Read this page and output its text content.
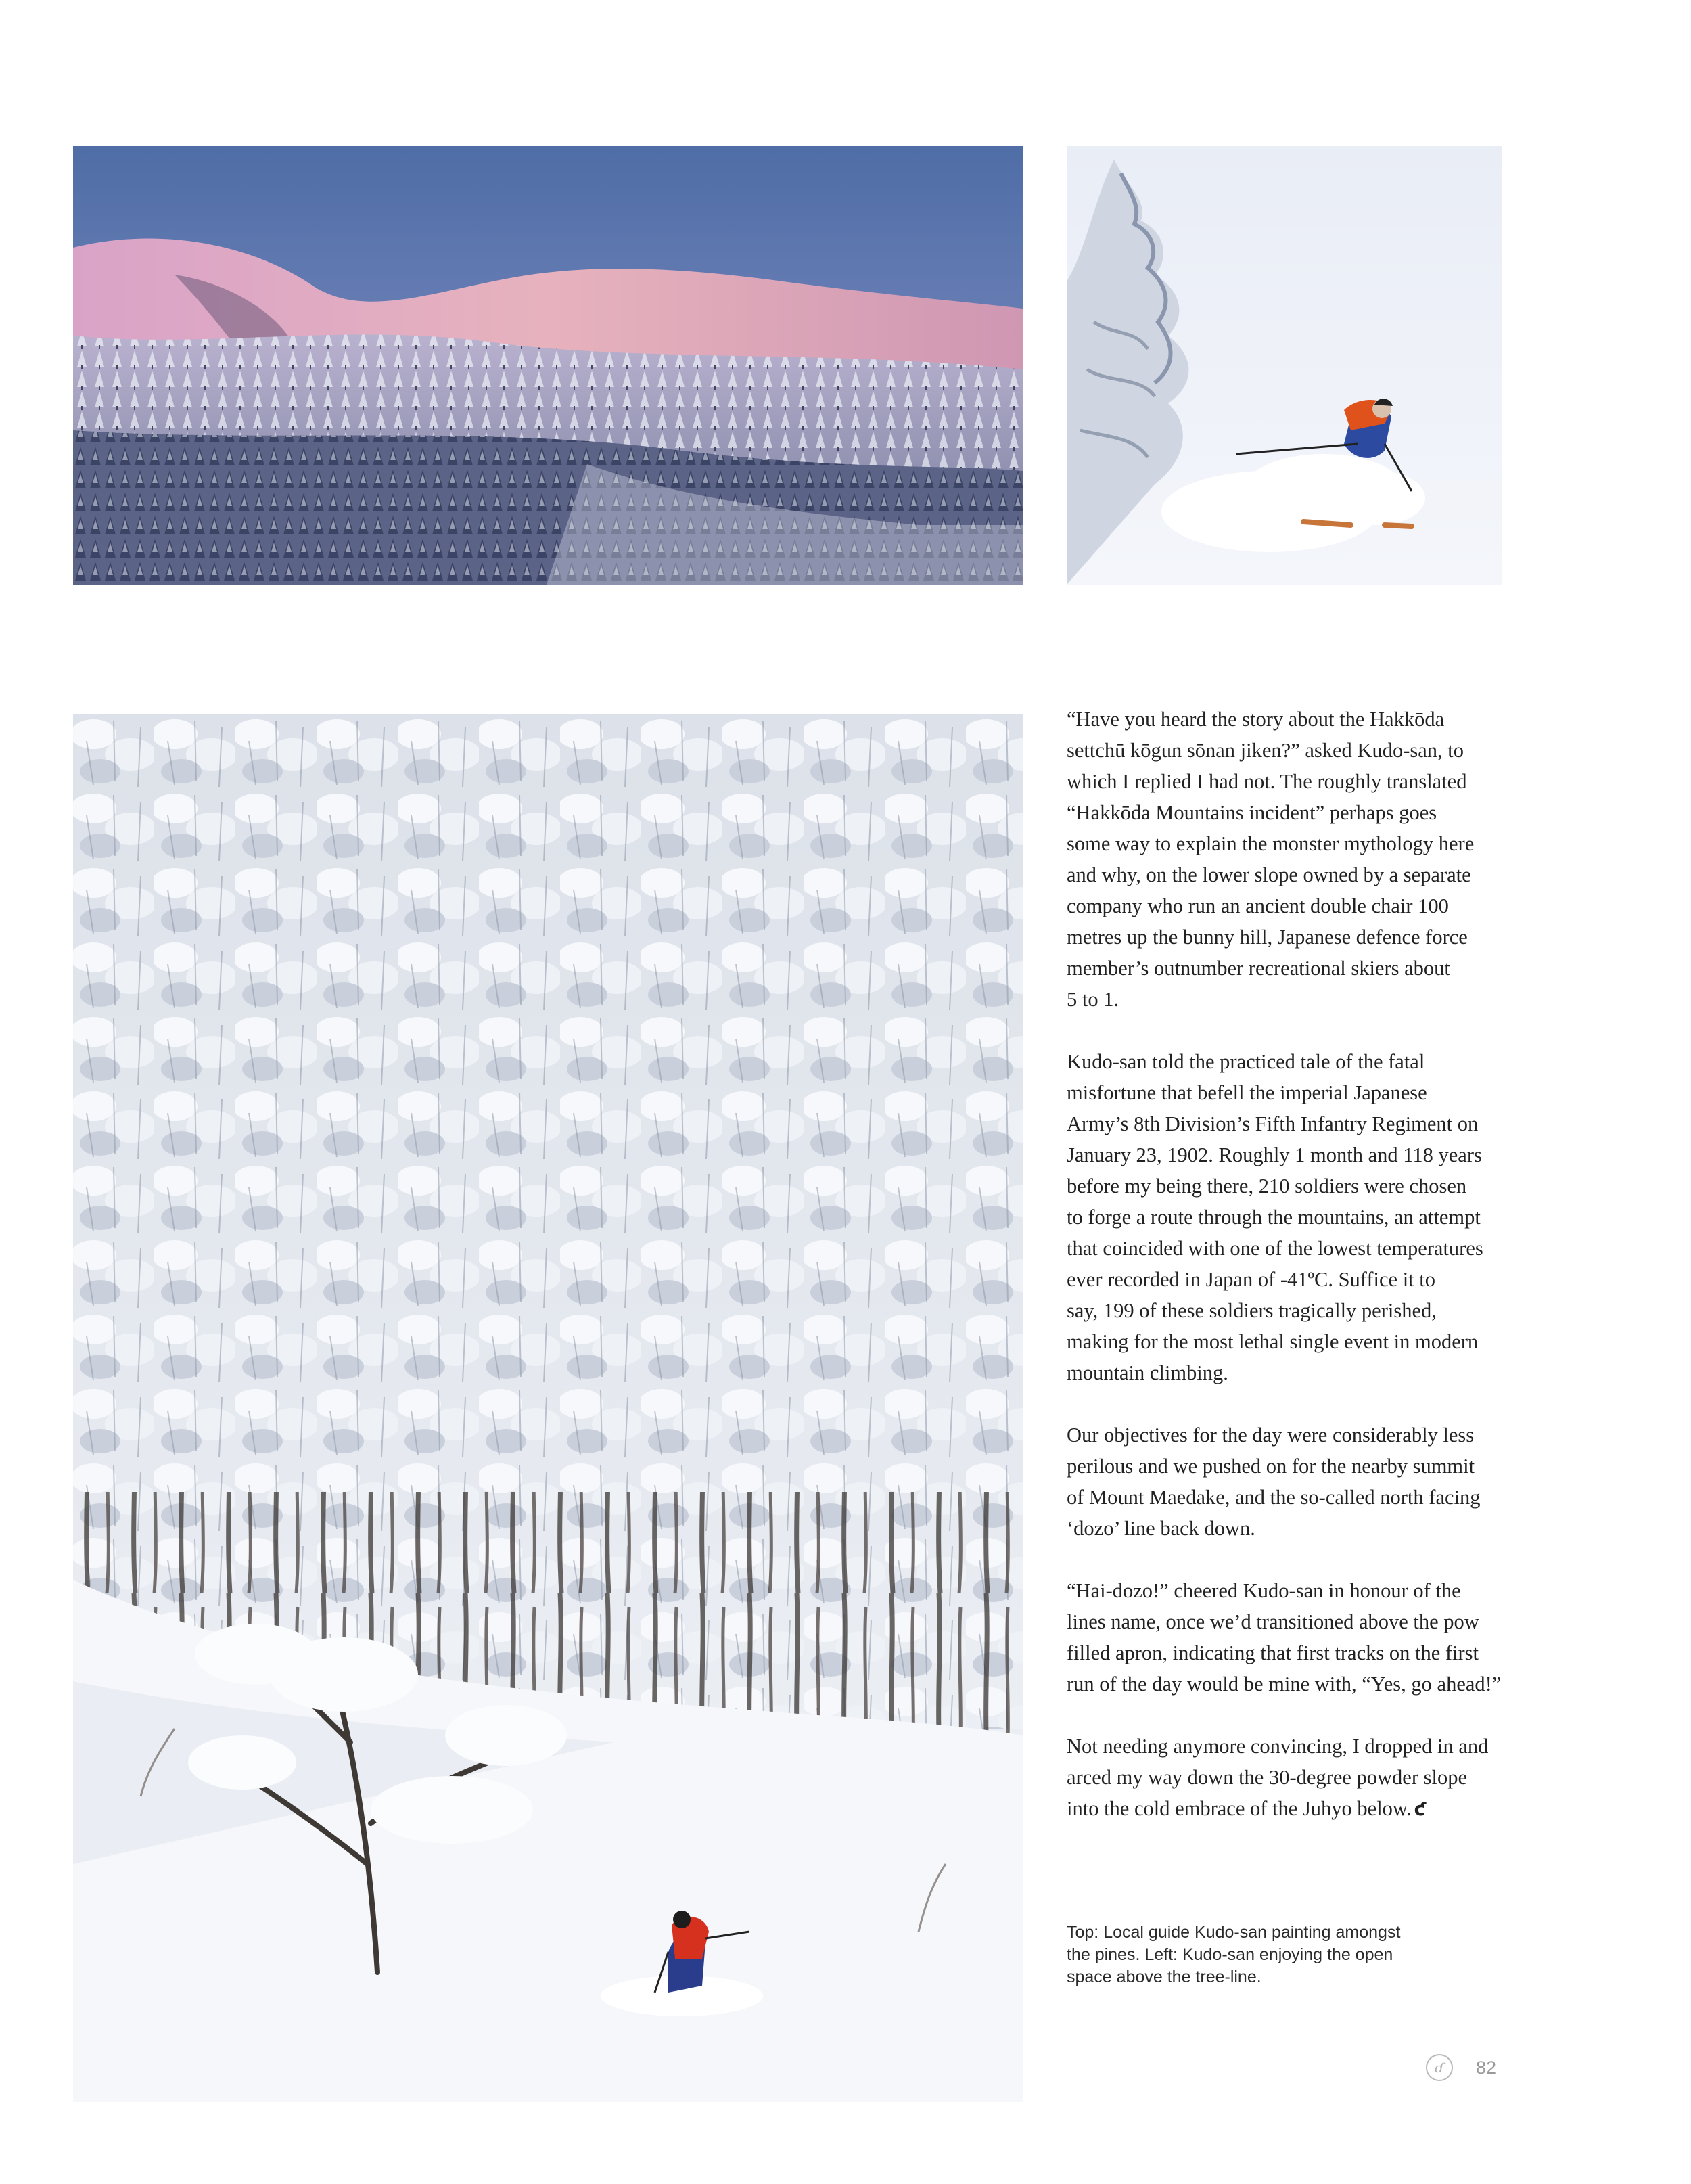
“Have you heard the story about the Hakkōda
settchū kōgun sōnan jiken?” asked Kudo-san, to
which I replied I had not. The roughly translated
“Hakkōda Mountains incident” perhaps goes
some way to explain the monster mythology here
and why, on the lower slope owned by a separate
company who run an ancient double chair 100
metres up the bunny hill, Japanese defence force
member’s outnumber recreational skiers about
5 to 1.

Kudo-san told the practiced tale of the fatal
misfortune that befell the imperial Japanese
Army’s 8th Division’s Fifth Infantry Regiment on
January 23, 1902. Roughly 1 month and 118 years
before my being there, 210 soldiers were chosen
to forge a route through the mountains, an attempt
that coincided with one of the lowest temperatures
ever recorded in Japan of -41ºC. Suffice it to
say, 199 of these soldiers tragically perished,
making for the most lethal single event in modern
mountain climbing.

Our objectives for the day were considerably less
perilous and we pushed on for the nearby summit
of Mount Maedake, and the so-called north facing
‘dozo’ line back down.

“Hai-dozo!” cheered Kudo-san in honour of the
lines name, once we’d transitioned above the pow
filled apron, indicating that first tracks on the first
run of the day would be mine with, “Yes, go ahead!”

Not needing anymore convincing, I dropped in and
arced my way down the 30-degree powder slope
into the cold embrace of the Juhyo below. ƈ

Top: Local guide Kudo-san painting amongst
the pines. Left: Kudo-san enjoying the open
space above the tree-line.
ɗ	82
